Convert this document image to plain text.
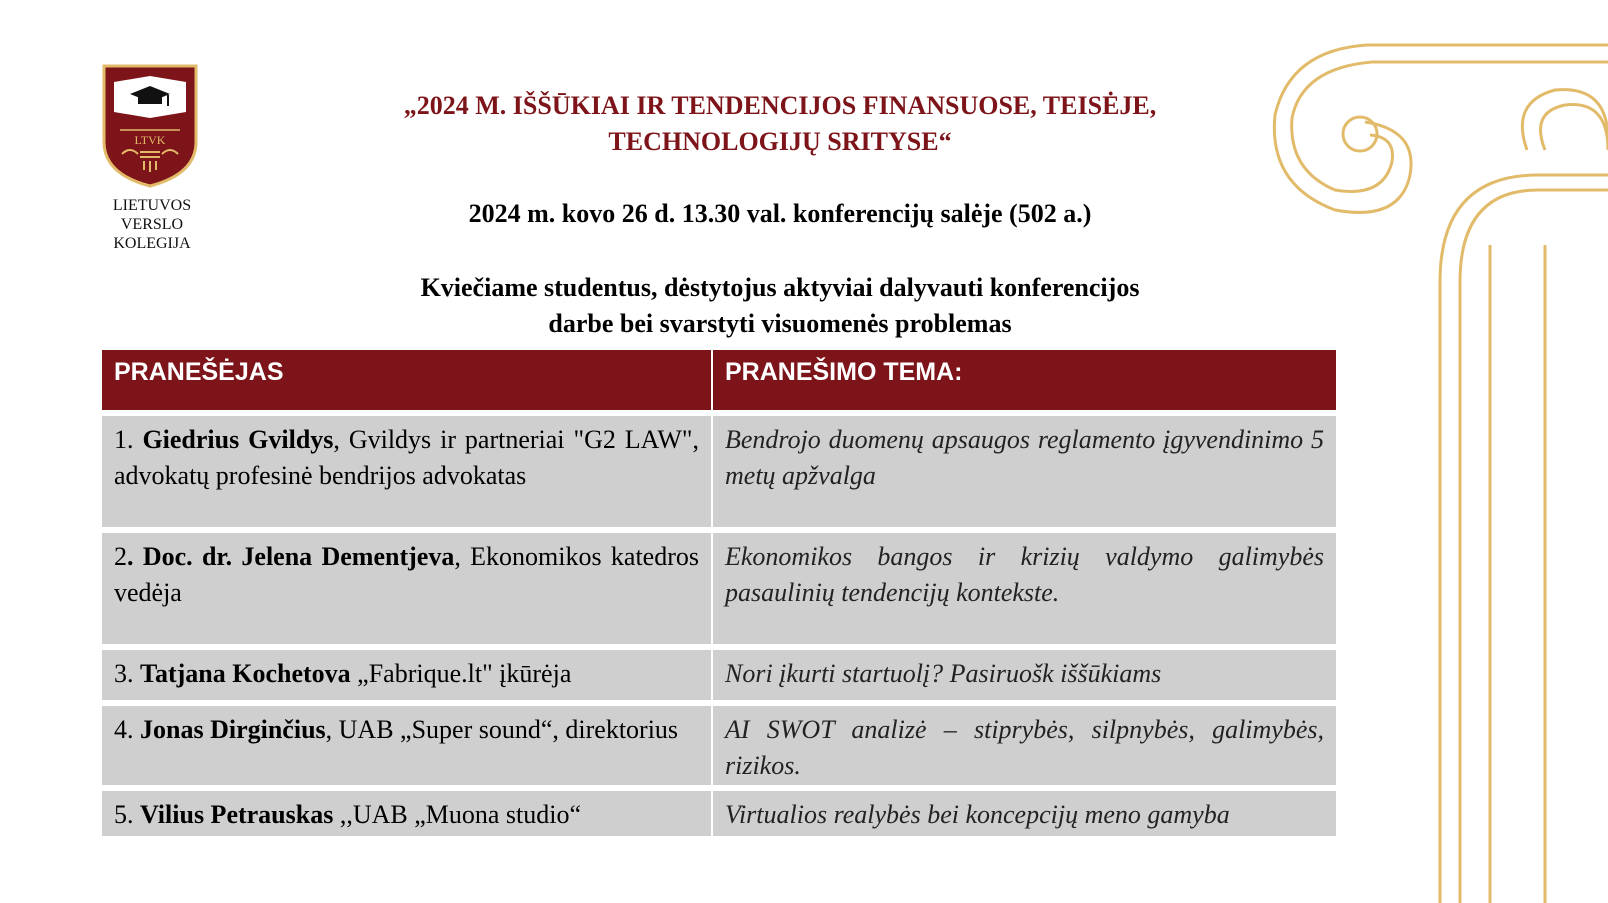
LTVK
LIETUVOS
VERSLO
KOLEGIJA
„2024 M. IŠŠŪKIAI IR TENDENCIJOS FINANSUOSE, TEISĖJE,
TECHNOLOGIJŲ SRITYSE“
2024 m. kovo 26 d. 13.30 val. konferencijų salėje (502 a.)
Kviečiame studentus, dėstytojus aktyviai dalyvauti konferencijos
darbe bei svarstyti visuomenės problemas
PRANEŠĖJAS	PRANEŠIMO TEMA:
1. Giedrius Gvildys, Gvildys ir partneriai "G2 LAW", advokatų profesinė bendrijos advokatas	Bendrojo duomenų apsaugos reglamento įgyvendinimo 5 metų apžvalga
2. Doc. dr. Jelena Dementjeva, Ekonomikos katedros vedėja	Ekonomikos bangos ir krizių valdymo galimybės pasaulinių tendencijų kontekste.
3. Tatjana Kochetova „Fabrique.lt" įkūrėja	Nori įkurti startuolį? Pasiruošk iššūkiams
4. Jonas Dirginčius, UAB „Super sound“, direktorius	AI SWOT analizė – stiprybės, silpnybės, galimybės, rizikos.
5. Vilius Petrauskas ,,UAB „Muona studio“	Virtualios realybės bei koncepcijų meno gamyba
